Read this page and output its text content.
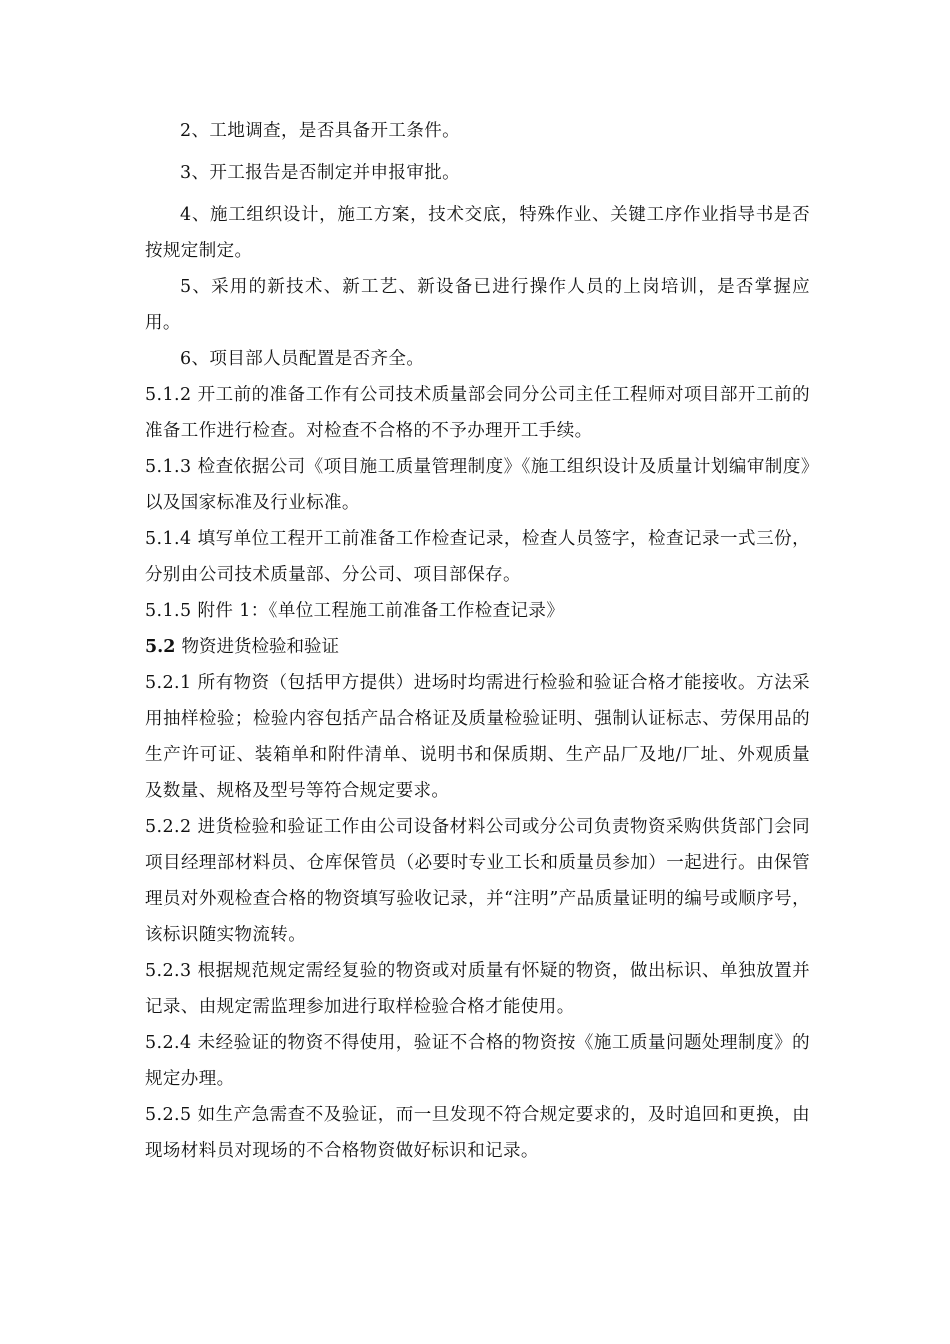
2、工地调查，是否具备开工条件。

3、开工报告是否制定并申报审批。

4、施工组织设计，施工方案，技术交底，特殊作业、关键工序作业指导书是否按规定制定。

5、采用的新技术、新工艺、新设备已进行操作人员的上岗培训，是否掌握应用。

6、项目部人员配置是否齐全。

5.1.2 开工前的准备工作有公司技术质量部会同分公司主任工程师对项目部开工前的准备工作进行检查。对检查不合格的不予办理开工手续。

5.1.3 检查依据公司《项目施工质量管理制度》《施工组织设计及质量计划编审制度》以及国家标准及行业标准。

5.1.4 填写单位工程开工前准备工作检查记录，检查人员签字，检查记录一式三份，分别由公司技术质量部、分公司、项目部保存。

5.1.5 附件 1：《单位工程施工前准备工作检查记录》

5.2 物资进货检验和验证

5.2.1 所有物资（包括甲方提供）进场时均需进行检验和验证合格才能接收。方法采用抽样检验；检验内容包括产品合格证及质量检验证明、强制认证标志、劳保用品的生产许可证、装箱单和附件清单、说明书和保质期、生产品厂及地/厂址、外观质量及数量、规格及型号等符合规定要求。

5.2.2 进货检验和验证工作由公司设备材料公司或分公司负责物资采购供货部门会同项目经理部材料员、仓库保管员（必要时专业工长和质量员参加）一起进行。由保管理员对外观检查合格的物资填写验收记录，并“注明”产品质量证明的编号或顺序号，该标识随实物流转。

5.2.3 根据规范规定需经复验的物资或对质量有怀疑的物资，做出标识、单独放置并记录、由规定需监理参加进行取样检验合格才能使用。

5.2.4 未经验证的物资不得使用，验证不合格的物资按《施工质量问题处理制度》的规定办理。

5.2.5 如生产急需查不及验证，而一旦发现不符合规定要求的，及时追回和更换，由现场材料员对现场的不合格物资做好标识和记录。
